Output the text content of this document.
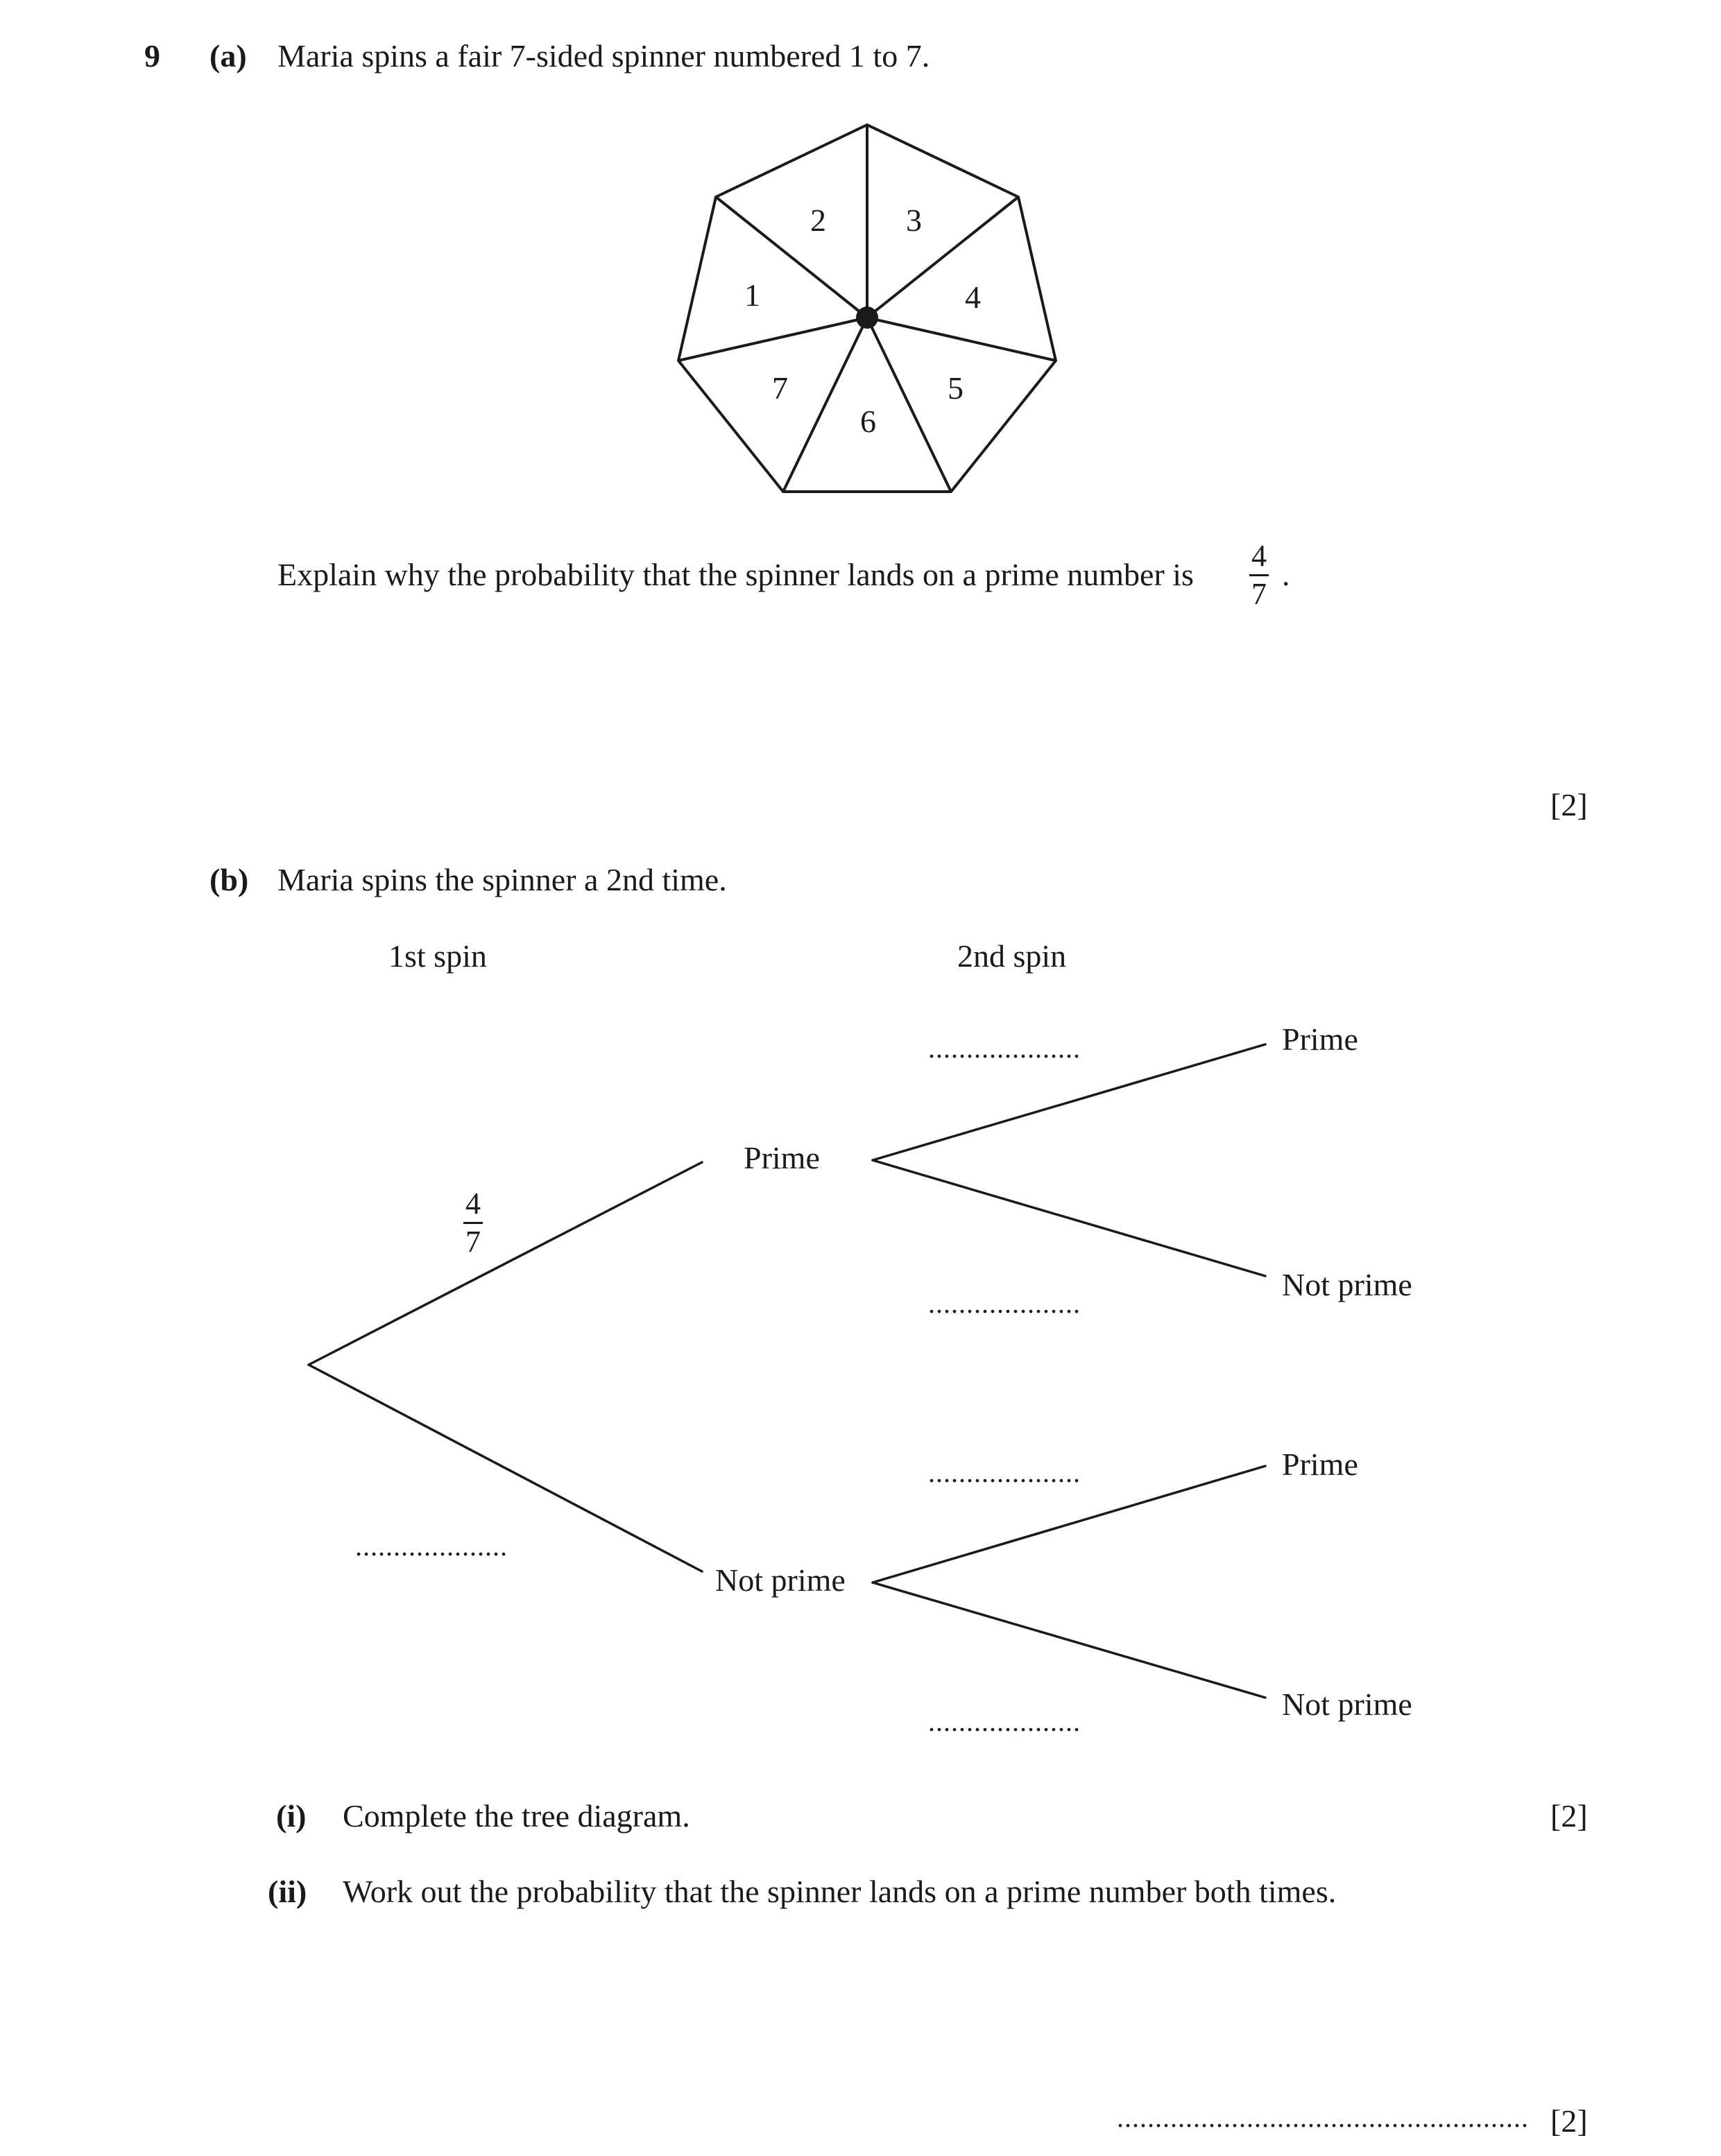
9 (a) Maria spins a fair 7-sided spinner numbered 1 to 7.
1
2	3
4
5
6
7
Explain why the probability that the spinner lands on a prime number is
4
7
.
[2]
(b) Maria spins the spinner a 2nd time.
1st spin	2nd spin
Prime
Not prime
4
7
Prime
Not prime
Prime
Not prime
....................
....................
....................
....................
....................
(i) Complete the tree diagram.	[2]
(ii) Work out the probability that the spinner lands on a prime number both times.
...................................................... [2]
